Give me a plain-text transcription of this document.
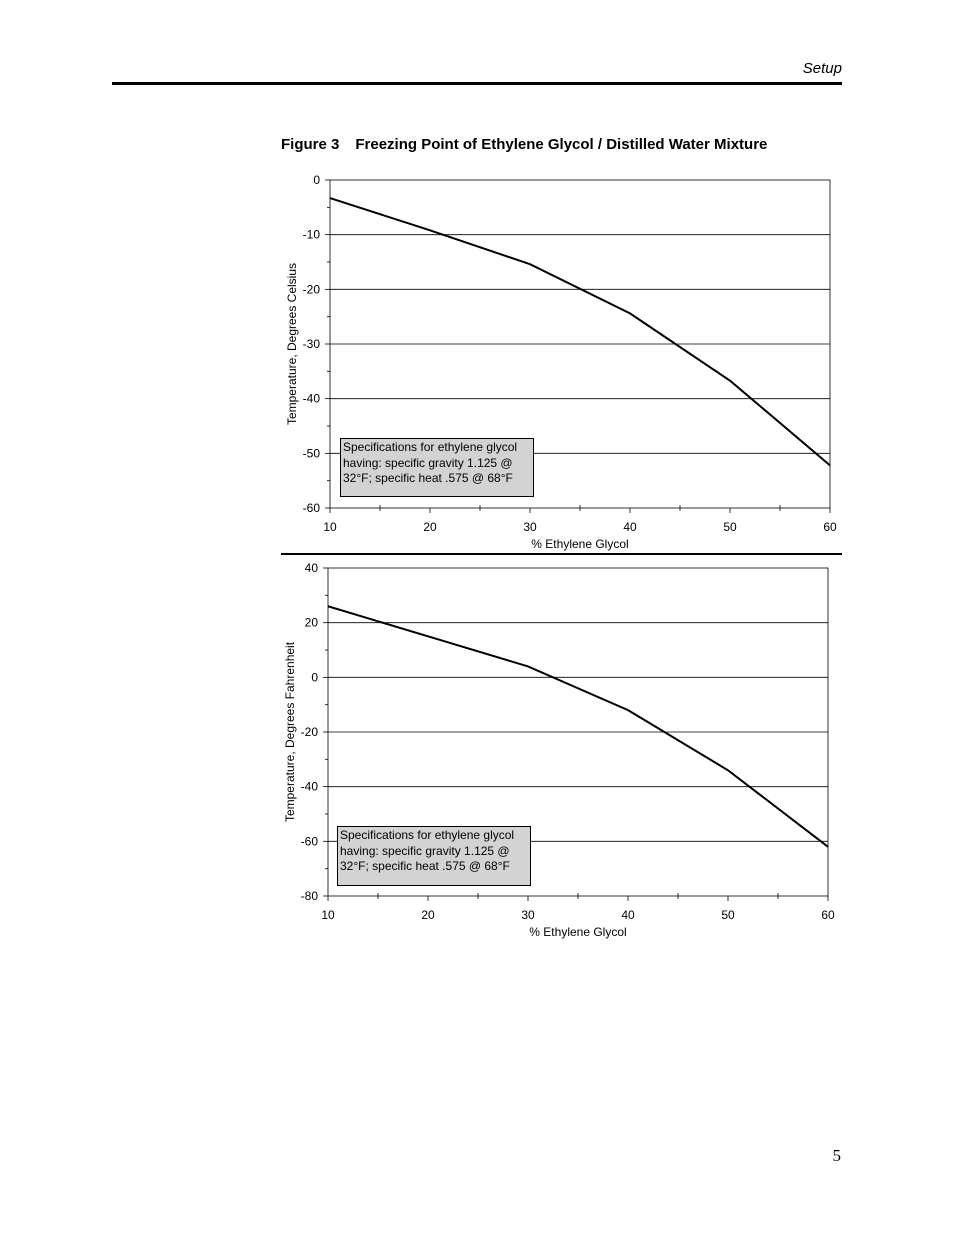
Setup
Figure 3 Freezing Point of Ethylene Glycol / Distilled Water Mixture
0
-10
-20
-30
-40
-50
-60
10	20	30	40	50	60
% Ethylene Glycol
Temperature, Degrees Celsius
Specifications for ethylene glycol having: specific gravity 1.125 @ 32°F; specific heat .575 @ 68°F
40
20
0
-20
-40
-60
-80
10	20	30	40	50	60
% Ethylene Glycol
Temperature, Degrees Fahrenheit
Specifications for ethylene glycol having: specific gravity 1.125 @ 32°F; specific heat .575 @ 68°F
5
